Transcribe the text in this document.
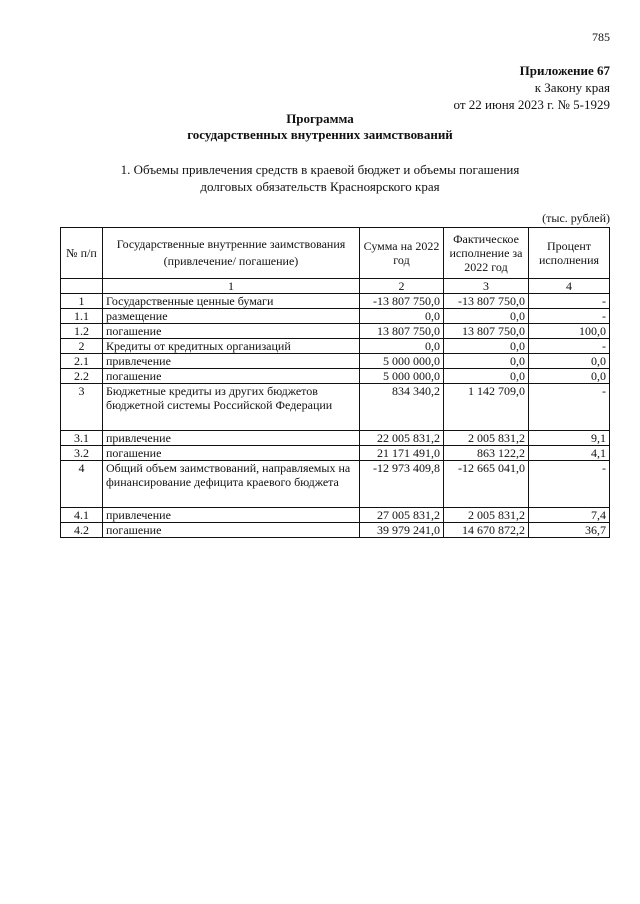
785
Приложение 67
к Закону края
от 22 июня 2023 г. № 5-1929
Программа
государственных внутренних заимствований
1. Объемы привлечения средств в краевой бюджет и объемы погашения
долговых обязательств Красноярского края
(тыс. рублей)
№ п/п	Государственные внутренние заимствования (привлечение/ погашение)	Сумма на 2022 год	Фактическое исполнение за 2022 год	Процент исполнения
	1	2	3	4
1	Государственные ценные бумаги	-13 807 750,0	-13 807 750,0	-
1.1	размещение	0,0	0,0	-
1.2	погашение	13 807 750,0	13 807 750,0	100,0
2	Кредиты от кредитных организаций	0,0	0,0	-
2.1	привлечение	5 000 000,0	0,0	0,0
2.2	погашение	5 000 000,0	0,0	0,0
3	Бюджетные кредиты из других бюджетов бюджетной системы Российской Федерации	834 340,2	1 142 709,0	-
3.1	привлечение	22 005 831,2	2 005 831,2	9,1
3.2	погашение	21 171 491,0	863 122,2	4,1
4	Общий объем заимствований, направляемых на финансирование дефицита краевого бюджета	-12 973 409,8	-12 665 041,0	-
4.1	привлечение	27 005 831,2	2 005 831,2	7,4
4.2	погашение	39 979 241,0	14 670 872,2	36,7
